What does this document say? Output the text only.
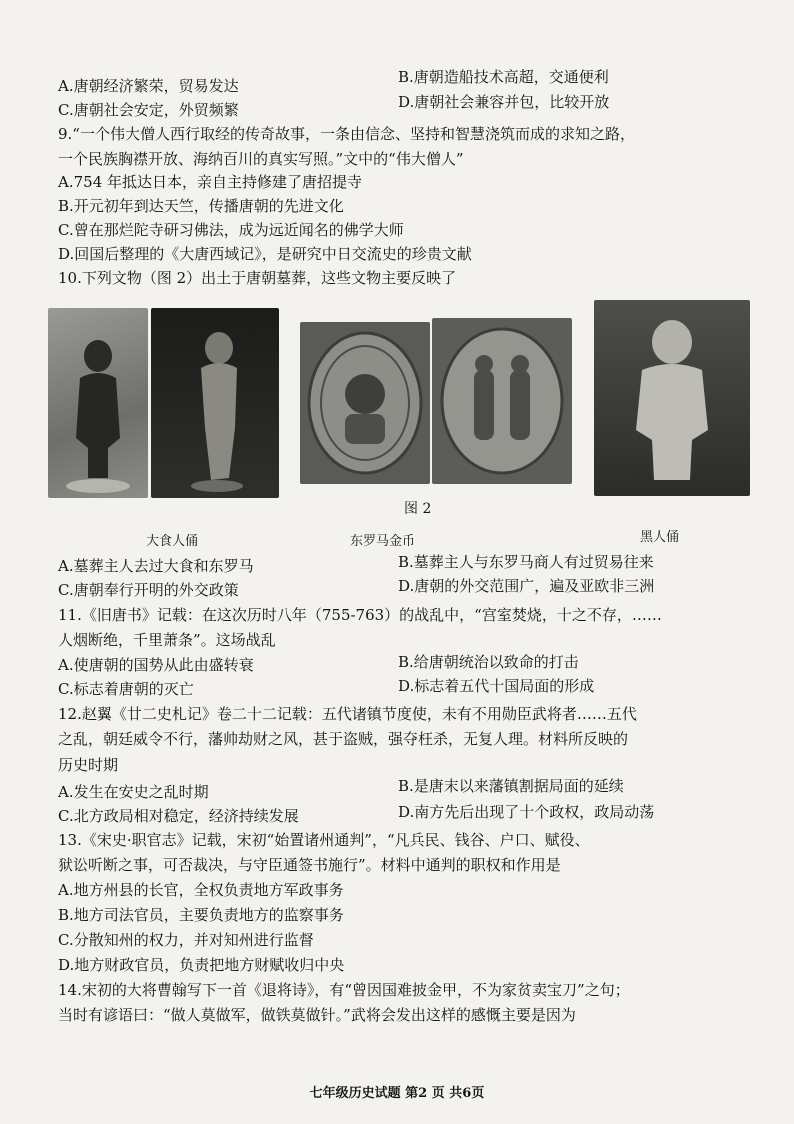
A.唐朝经济繁荣，贸易发达	B.唐朝造船技术高超，交通便利
C.唐朝社会安定，外贸频繁	D.唐朝社会兼容并包，比较开放
9.“一个伟大僧人西行取经的传奇故事，一条由信念、坚持和智慧浇筑而成的求知之路，
一个民族胸襟开放、海纳百川的真实写照。”文中的“伟大僧人”
A.754 年抵达日本，亲自主持修建了唐招提寺
B.开元初年到达天竺，传播唐朝的先进文化
C.曾在那烂陀寺研习佛法，成为远近闻名的佛学大师
D.回国后整理的《大唐西域记》，是研究中日交流史的珍贵文献
10.下列文物（图 2）出土于唐朝墓葬，这些文物主要反映了
图 2
大食人俑	东罗马金币	黑人俑
A.墓葬主人去过大食和东罗马	B.墓葬主人与东罗马商人有过贸易往来
C.唐朝奉行开明的外交政策	D.唐朝的外交范围广，遍及亚欧非三洲
11.《旧唐书》记载：在这次历时八年（755-763）的战乱中，“宫室焚烧，十之不存，……
人烟断绝，千里萧条”。这场战乱
A.使唐朝的国势从此由盛转衰	B.给唐朝统治以致命的打击
C.标志着唐朝的灭亡	D.标志着五代十国局面的形成
12.赵翼《廿二史札记》卷二十二记载：五代诸镇节度使，未有不用勋臣武将者……五代
之乱，朝廷威令不行，藩帅劫财之风，甚于盗贼，强夺枉杀，无复人理。材料所反映的
历史时期
A.发生在安史之乱时期	B.是唐末以来藩镇割据局面的延续
C.北方政局相对稳定，经济持续发展	D.南方先后出现了十个政权，政局动荡
13.《宋史·职官志》记载，宋初“始置诸州通判”，“凡兵民、钱谷、户口、赋役、
狱讼听断之事，可否裁决，与守臣通签书施行”。材料中通判的职权和作用是
A.地方州县的长官，全权负责地方军政事务
B.地方司法官员，主要负责地方的监察事务
C.分散知州的权力，并对知州进行监督
D.地方财政官员，负责把地方财赋收归中央
14.宋初的大将曹翰写下一首《退将诗》，有“曾因国难披金甲，不为家贫卖宝刀”之句；
当时有谚语曰：“做人莫做军，做铁莫做针。”武将会发出这样的感慨主要是因为
七年级历史试题 第2 页 共6页
